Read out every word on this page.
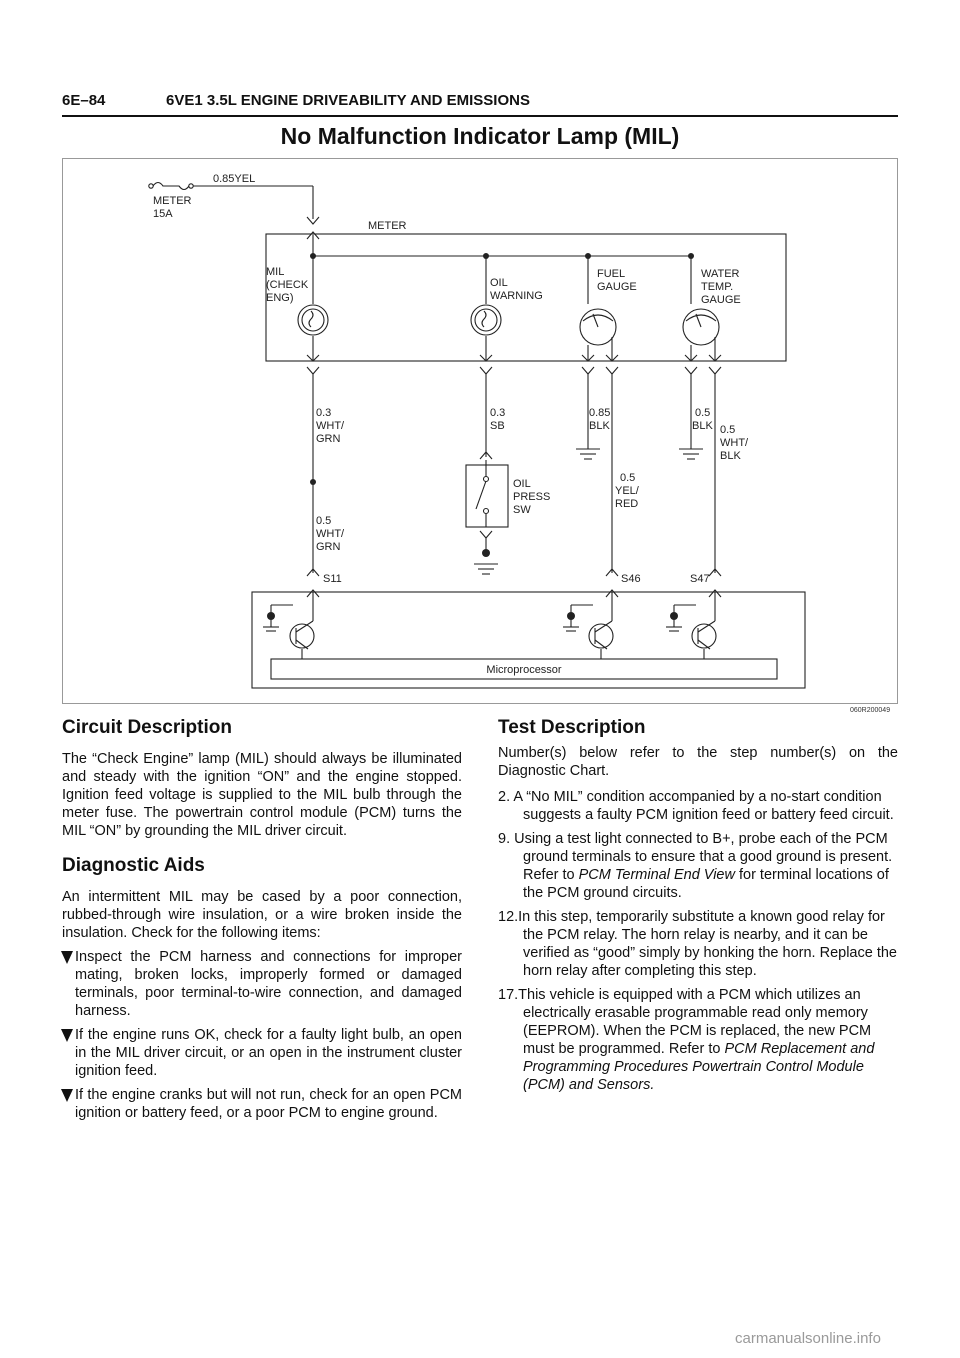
6E–84	6VE1 3.5L ENGINE DRIVEABILITY AND EMISSIONS
No Malfunction Indicator Lamp (MIL)
0.85YEL
METER
15A
METER
MIL
(CHECK
ENG)
OIL
WARNING
FUEL
GAUGE
WATER
TEMP.
GAUGE
0.3
WHT/
GRN
0.5
WHT/
GRN
0.3
SB
0.85
BLK
0.5
YEL/
RED
0.5
BLK 0.5
WHT/
BLK
OIL
PRESS
SW
S11	S46	S47
Microprocessor
060R200049
Circuit Description

The “Check Engine” lamp (MIL) should always be illuminated and steady with the ignition “ON” and the engine stopped. Ignition feed voltage is supplied to the MIL bulb through the meter fuse. The powertrain control module (PCM) turns the MIL “ON” by grounding the MIL driver circuit.

Diagnostic Aids

An intermittent MIL may be cased by a poor connection, rubbed-through wire insulation, or a wire broken inside the insulation. Check for the following items:

Inspect the PCM harness and connections for improper mating, broken locks, improperly formed or damaged terminals, poor terminal-to-wire connection, and damaged harness.
If the engine runs OK, check for a faulty light bulb, an open in the MIL driver circuit, or an open in the instrument cluster ignition feed.
If the engine cranks but will not run, check for an open PCM ignition or battery feed, or a poor PCM to engine ground.
Test Description

Number(s) below refer to the step number(s) on the Diagnostic Chart.

2. A “No MIL” condition accompanied by a no-start condition suggests a faulty PCM ignition feed or battery feed circuit.
9. Using a test light connected to B+, probe each of the PCM ground terminals to ensure that a good ground is present. Refer to PCM Terminal End View for terminal locations of the PCM ground circuits.
12.In this step, temporarily substitute a known good relay for the PCM relay. The horn relay is nearby, and it can be verified as “good” simply by honking the horn. Replace the horn relay after completing this step.
17.This vehicle is equipped with a PCM which utilizes an electrically erasable programmable read only memory (EEPROM). When the PCM is replaced, the new PCM must be programmed. Refer to PCM Replacement and Programming Procedures Powertrain Control Module (PCM) and Sensors.
carmanualsonline.info
